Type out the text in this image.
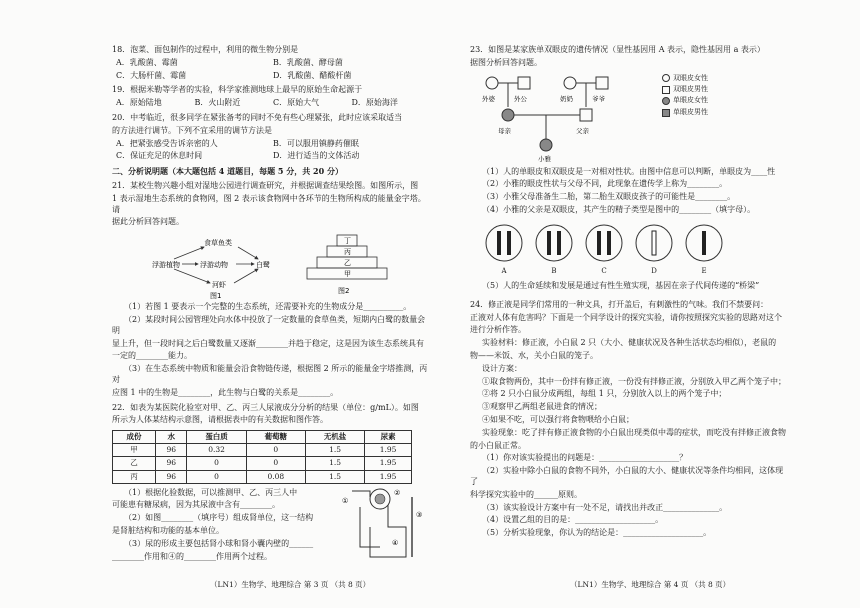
18．泡菜、面包制作的过程中，利用的微生物分别是
A．乳酸菌、霉菌	B．乳酸菌、酵母菌
C．大肠杆菌、霉菌	D．乳酸菌、醋酸杆菌
19．根据米勒等学者的实验，科学家推测地球上最早的原始生命起源于
A．原始陆地	B．火山附近	C．原始大气	D．原始海洋
20．中考临近，很多同学在紧张备考的同时不免有些心理紧张，此时应该采取适当
的方法进行调节。下列不宜采用的调节方法是
A．把紧张感受告诉亲密的人	B．可以服用镇静药催眠
C．保证充足的休息时间	D．进行适当的文体活动
二、分析说明题（本大题包括 4 道题目，每题 5 分，共 20 分）
21．某校生物兴趣小组对湿地公园进行调查研究，并根据调查结果绘图。如图所示，图
1 表示湿地生态系统的食物网，图 2 表示该食物网中各环节的生物所构成的能量金字塔。请
据此分析回答问题。
食草鱼类
浮游植物	浮游动物	白鹭
河虾
图1
丁
丙
乙
甲
图2
（1）若图 1 要表示一个完整的生态系统，还需要补充的生物成分是__________。
（2）某段时间公园管理处向水体中投放了一定数量的食草鱼类，短期内白鹭的数量会明
显上升，但一段时间之后白鹭数量又逐渐________并趋于稳定，这是因为该生态系统具有
一定的________能力。
（3）在生态系统中物质和能量会沿食物链传递，根据图 2 所示的能量金字塔推测，丙对
应图 1 中的生物是________，此生物与白鹭的关系是________。
22．如表为某医院化验室对甲、乙、丙三人尿液成分分析的结果（单位：g/mL）。如图
所示为人体某结构示意图，请根据表中的有关数据和图作答。
成份	水	蛋白质	葡萄糖	无机盐	尿素
甲	96	0.32	0	1.5	1.95
乙	96	0	0	1.5	1.95
丙	96	0	0.08	1.5	1.95
（1）根据化验数据，可以推测甲、乙、丙三人中
可能患有糖尿病，因为其尿液中含有________。
（2）如图________（填序号）组成肾单位，这一结构
是肾脏结构和功能的基本单位。
（3）尿的形成主要包括肾小球和肾小囊内壁的______
________作用和④的________作用两个过程。
①
②
③
④
（LN1）生物学、地理综合 第 3 页 （共 8 页）
23．如图是某家族单双眼皮的遗传情况（显性基因用 A 表示，隐性基因用 a 表示）
据图分析回答问题。
外婆	外公	奶奶	爷爷
母亲	父亲
小雅
双眼皮女性
双眼皮男性
单眼皮女性
单眼皮男性
（1）人的单眼皮和双眼皮是一对相对性状。由图中信息可以判断，单眼皮为____性
（2）小雅的眼皮性状与父母不同，此现象在遗传学上称为________。
（3）小雅父母准备生二胎，第二胎生双眼皮孩子的可能性是________。
（4）小雅的父亲是双眼皮，其产生的精子类型是图中的________（填字母）。
A	B	C	D	E
（5）人的生命延续和发展是通过有性生殖实现，基因在亲子代间传递的“桥梁”
24．修正液是同学们常用的一种文具，打开盖后，有刺激性的气味。我们不禁要问：
正液对人体有危害吗？下面是一个同学设计的探究实验，请你按照探究实验的思路对这个
进行分析作答。
实验材料：修正液，小白鼠 2 只（大小、健康状况及各种生活状态均相似），老鼠的
物——米饭、水，关小白鼠的笼子。
设计方案：
①取食物两份，其中一份拌有修正液，一份没有拌修正液，分别放入甲乙两个笼子中；
②将 2 只小白鼠分成两组，每组 1 只，分别放入以上的两个笼子中；
③观察甲乙两组老鼠进食的情况；
④如果不吃，可以强行将食物喂给小白鼠；
实验现象：吃了拌有修正液食物的小白鼠出现类似中毒的症状，而吃没有拌修正液食物
的小白鼠正常。
（1）你对该实验提出的问题是：____________________？
（2）实验中除小白鼠的食物不同外，小白鼠的大小、健康状况等条件均相同，这体现了
科学探究实验中的______原则。
（3）该实验设计方案中有一处不足，请找出并改正______________。
（4）设置乙组的目的是：____________________。
（5）分析实验现象，你认为的结论是：____________________。
（LN1）生物学、地理综合 第 4 页 （共 8 页）
